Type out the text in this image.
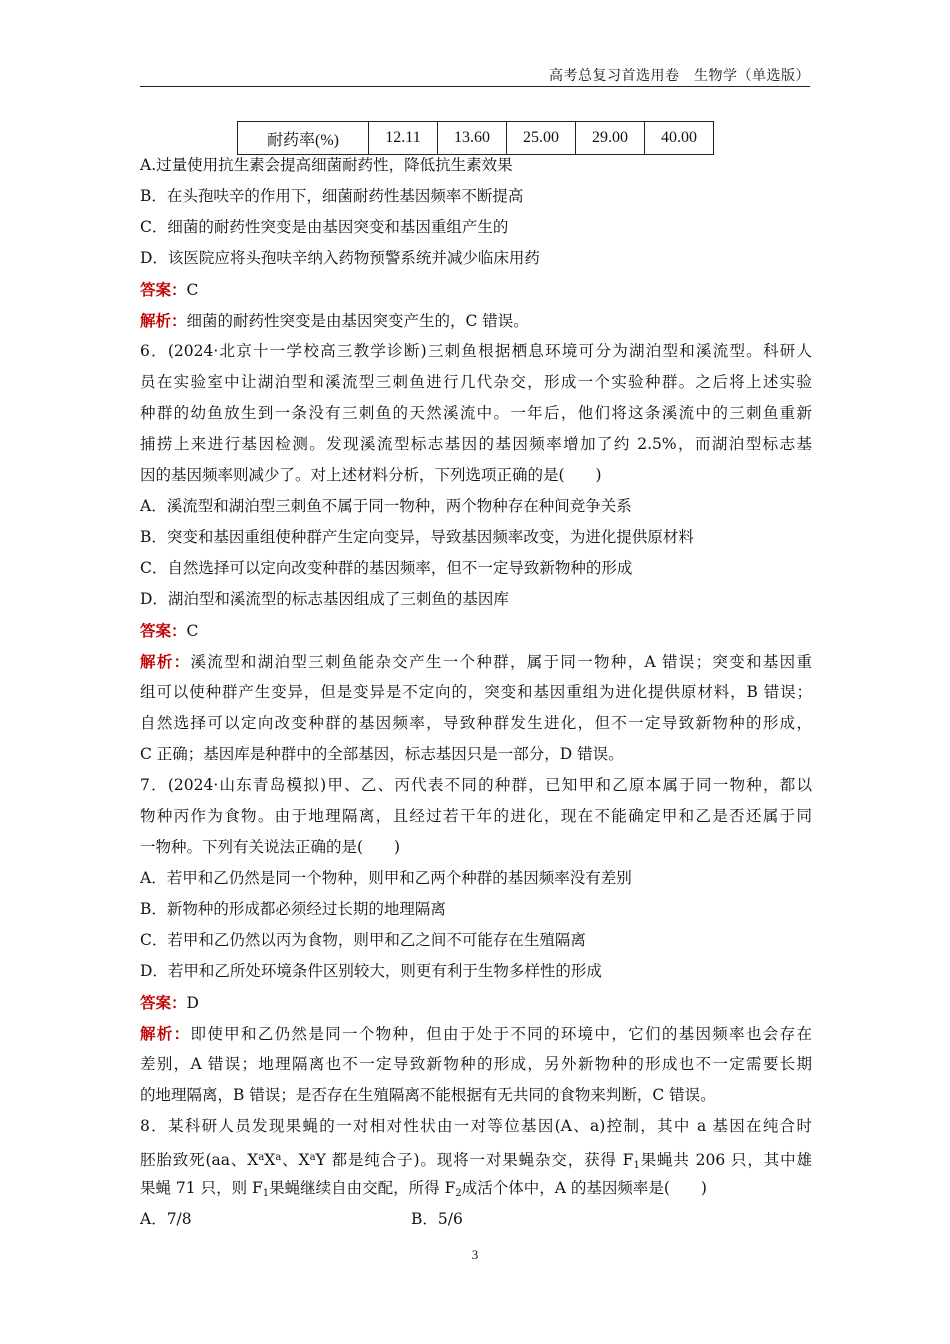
高考总复习首选用卷　生物学（单选版）
耐药率(%)	12.11	13.60	25.00	29.00	40.00
A.过量使用抗生素会提高细菌耐药性，降低抗生素效果
B．在头孢呋辛的作用下，细菌耐药性基因频率不断提高
C．细菌的耐药性突变是由基因突变和基因重组产生的
D．该医院应将头孢呋辛纳入药物预警系统并减少临床用药
答案：C
解析：细菌的耐药性突变是由基因突变产生的，C 错误。
6．(2024·北京十一学校高三教学诊断)三刺鱼根据栖息环境可分为湖泊型和溪流型。科研人
员在实验室中让湖泊型和溪流型三刺鱼进行几代杂交，形成一个实验种群。之后将上述实验
种群的幼鱼放生到一条没有三刺鱼的天然溪流中。一年后，他们将这条溪流中的三刺鱼重新
捕捞上来进行基因检测。发现溪流型标志基因的基因频率增加了约 2.5%，而湖泊型标志基
因的基因频率则减少了。对上述材料分析，下列选项正确的是(　　)
A．溪流型和湖泊型三刺鱼不属于同一物种，两个物种存在种间竞争关系
B．突变和基因重组使种群产生定向变异，导致基因频率改变，为进化提供原材料
C．自然选择可以定向改变种群的基因频率，但不一定导致新物种的形成
D．湖泊型和溪流型的标志基因组成了三刺鱼的基因库
答案：C
解析：溪流型和湖泊型三刺鱼能杂交产生一个种群，属于同一物种，A 错误；突变和基因重
组可以使种群产生变异，但是变异是不定向的，突变和基因重组为进化提供原材料，B 错误；
自然选择可以定向改变种群的基因频率，导致种群发生进化，但不一定导致新物种的形成，
C 正确；基因库是种群中的全部基因，标志基因只是一部分，D 错误。
7．(2024·山东青岛模拟)甲、乙、丙代表不同的种群，已知甲和乙原本属于同一物种，都以
物种丙作为食物。由于地理隔离，且经过若干年的进化，现在不能确定甲和乙是否还属于同
一物种。下列有关说法正确的是(　　)
A．若甲和乙仍然是同一个物种，则甲和乙两个种群的基因频率没有差别
B．新物种的形成都必须经过长期的地理隔离
C．若甲和乙仍然以丙为食物，则甲和乙之间不可能存在生殖隔离
D．若甲和乙所处环境条件区别较大，则更有利于生物多样性的形成
答案：D
解析：即使甲和乙仍然是同一个物种，但由于处于不同的环境中，它们的基因频率也会存在
差别，A 错误；地理隔离也不一定导致新物种的形成，另外新物种的形成也不一定需要长期
的地理隔离，B 错误；是否存在生殖隔离不能根据有无共同的食物来判断，C 错误。
8．某科研人员发现果蝇的一对相对性状由一对等位基因(A、a)控制，其中 a 基因在纯合时
胚胎致死(aa、$X^aX^a$、$X^aY$ 都是纯合子)。现将一对果蝇杂交，获得 $F_1$果蝇共 206 只，其中雄
果蝇 71 只，则 $F_1$果蝇继续自由交配，所得 $F_2$成活个体中，A 的基因频率是(　　)
A．7/8	B．5/6
3
